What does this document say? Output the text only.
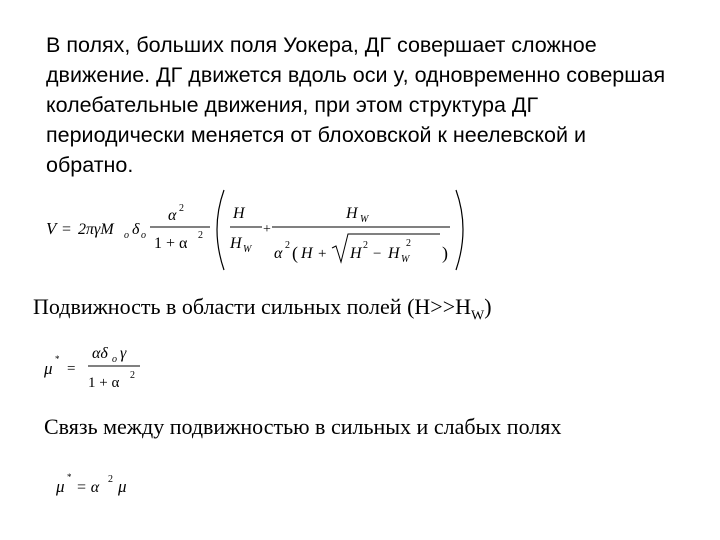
В полях, больших поля Уокера, ДГ совершает сложное
движение. ДГ движется вдоль оси y, одновременно совершая
колебательные движения, при этом структура ДГ
периодически меняется от блоховской к неелевской и
обратно.
V = 2πγM o δ o
α 2
1 + α 2
H
H W
+
H W
α 2 ( H + H 2
− H W
2 )
Подвижность в области сильных полей $(H>>H_W)$
μ *
=
αδ o γ
1 + α 2
Связь между подвижностью в сильных и слабых полях
μ *
= α 2 μ
